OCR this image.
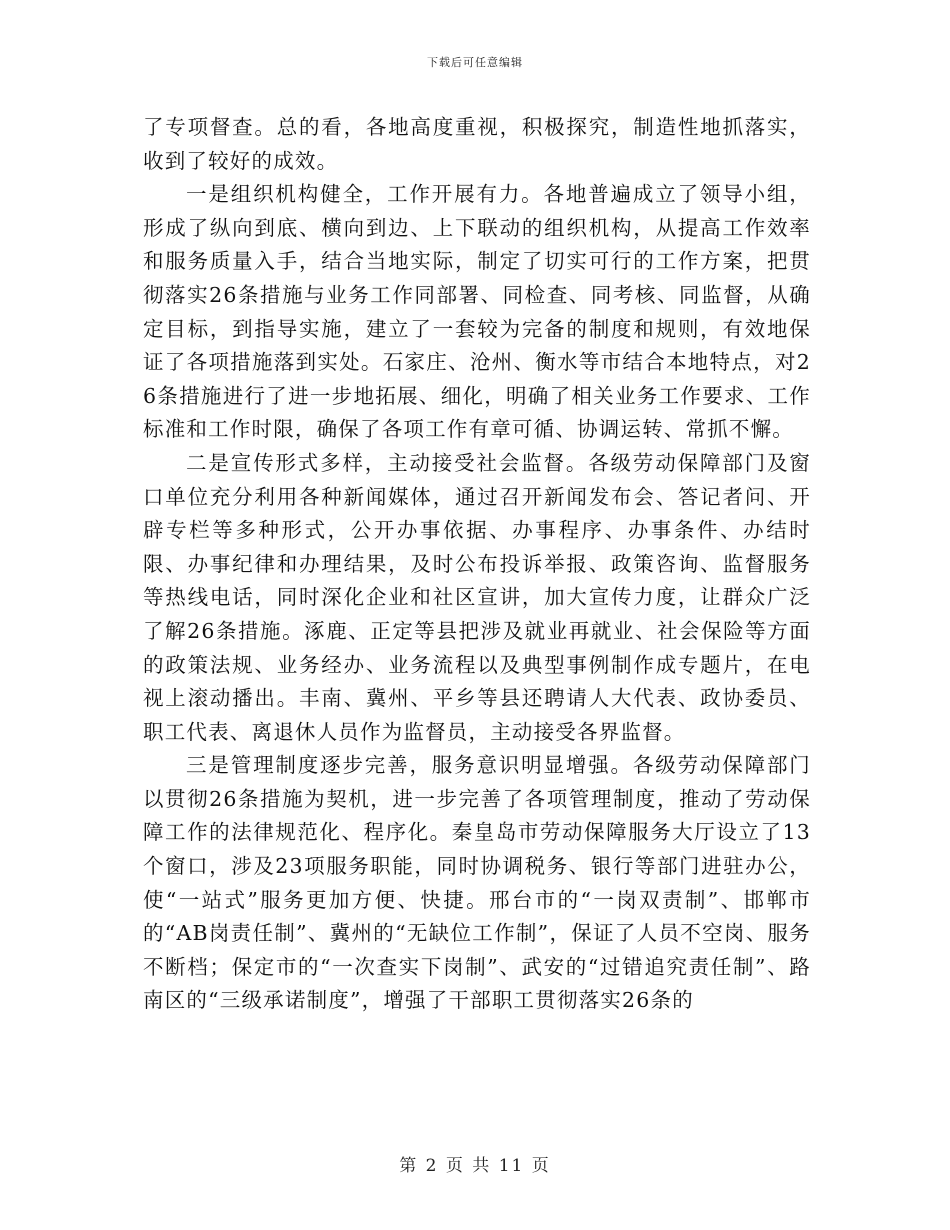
下载后可任意编辑

了专项督查。总的看，各地高度重视，积极探究，制造性地抓落实，收到了较好的成效。

一是组织机构健全，工作开展有力。各地普遍成立了领导小组，形成了纵向到底、横向到边、上下联动的组织机构，从提高工作效率和服务质量入手，结合当地实际，制定了切实可行的工作方案，把贯彻落实26条措施与业务工作同部署、同检查、同考核、同监督，从确定目标，到指导实施，建立了一套较为完备的制度和规则，有效地保证了各项措施落到实处。石家庄、沧州、衡水等市结合本地特点，对26条措施进行了进一步地拓展、细化，明确了相关业务工作要求、工作标准和工作时限，确保了各项工作有章可循、协调运转、常抓不懈。

二是宣传形式多样，主动接受社会监督。各级劳动保障部门及窗口单位充分利用各种新闻媒体，通过召开新闻发布会、答记者问、开辟专栏等多种形式，公开办事依据、办事程序、办事条件、办结时限、办事纪律和办理结果，及时公布投诉举报、政策咨询、监督服务等热线电话，同时深化企业和社区宣讲，加大宣传力度，让群众广泛了解26条措施。涿鹿、正定等县把涉及就业再就业、社会保险等方面的政策法规、业务经办、业务流程以及典型事例制作成专题片，在电视上滚动播出。丰南、冀州、平乡等县还聘请人大代表、政协委员、职工代表、离退休人员作为监督员，主动接受各界监督。

三是管理制度逐步完善，服务意识明显增强。各级劳动保障部门以贯彻26条措施为契机，进一步完善了各项管理制度，推动了劳动保障工作的法律规范化、程序化。秦皇岛市劳动保障服务大厅设立了13个窗口，涉及23项服务职能，同时协调税务、银行等部门进驻办公，使“一站式”服务更加方便、快捷。邢台市的“一岗双责制”、邯郸市的“AB岗责任制”、冀州的“无缺位工作制”，保证了人员不空岗、服务不断档；保定市的“一次查实下岗制”、武安的“过错追究责任制”、路南区的“三级承诺制度”，增强了干部职工贯彻落实26条的

第 2 页 共 11 页
